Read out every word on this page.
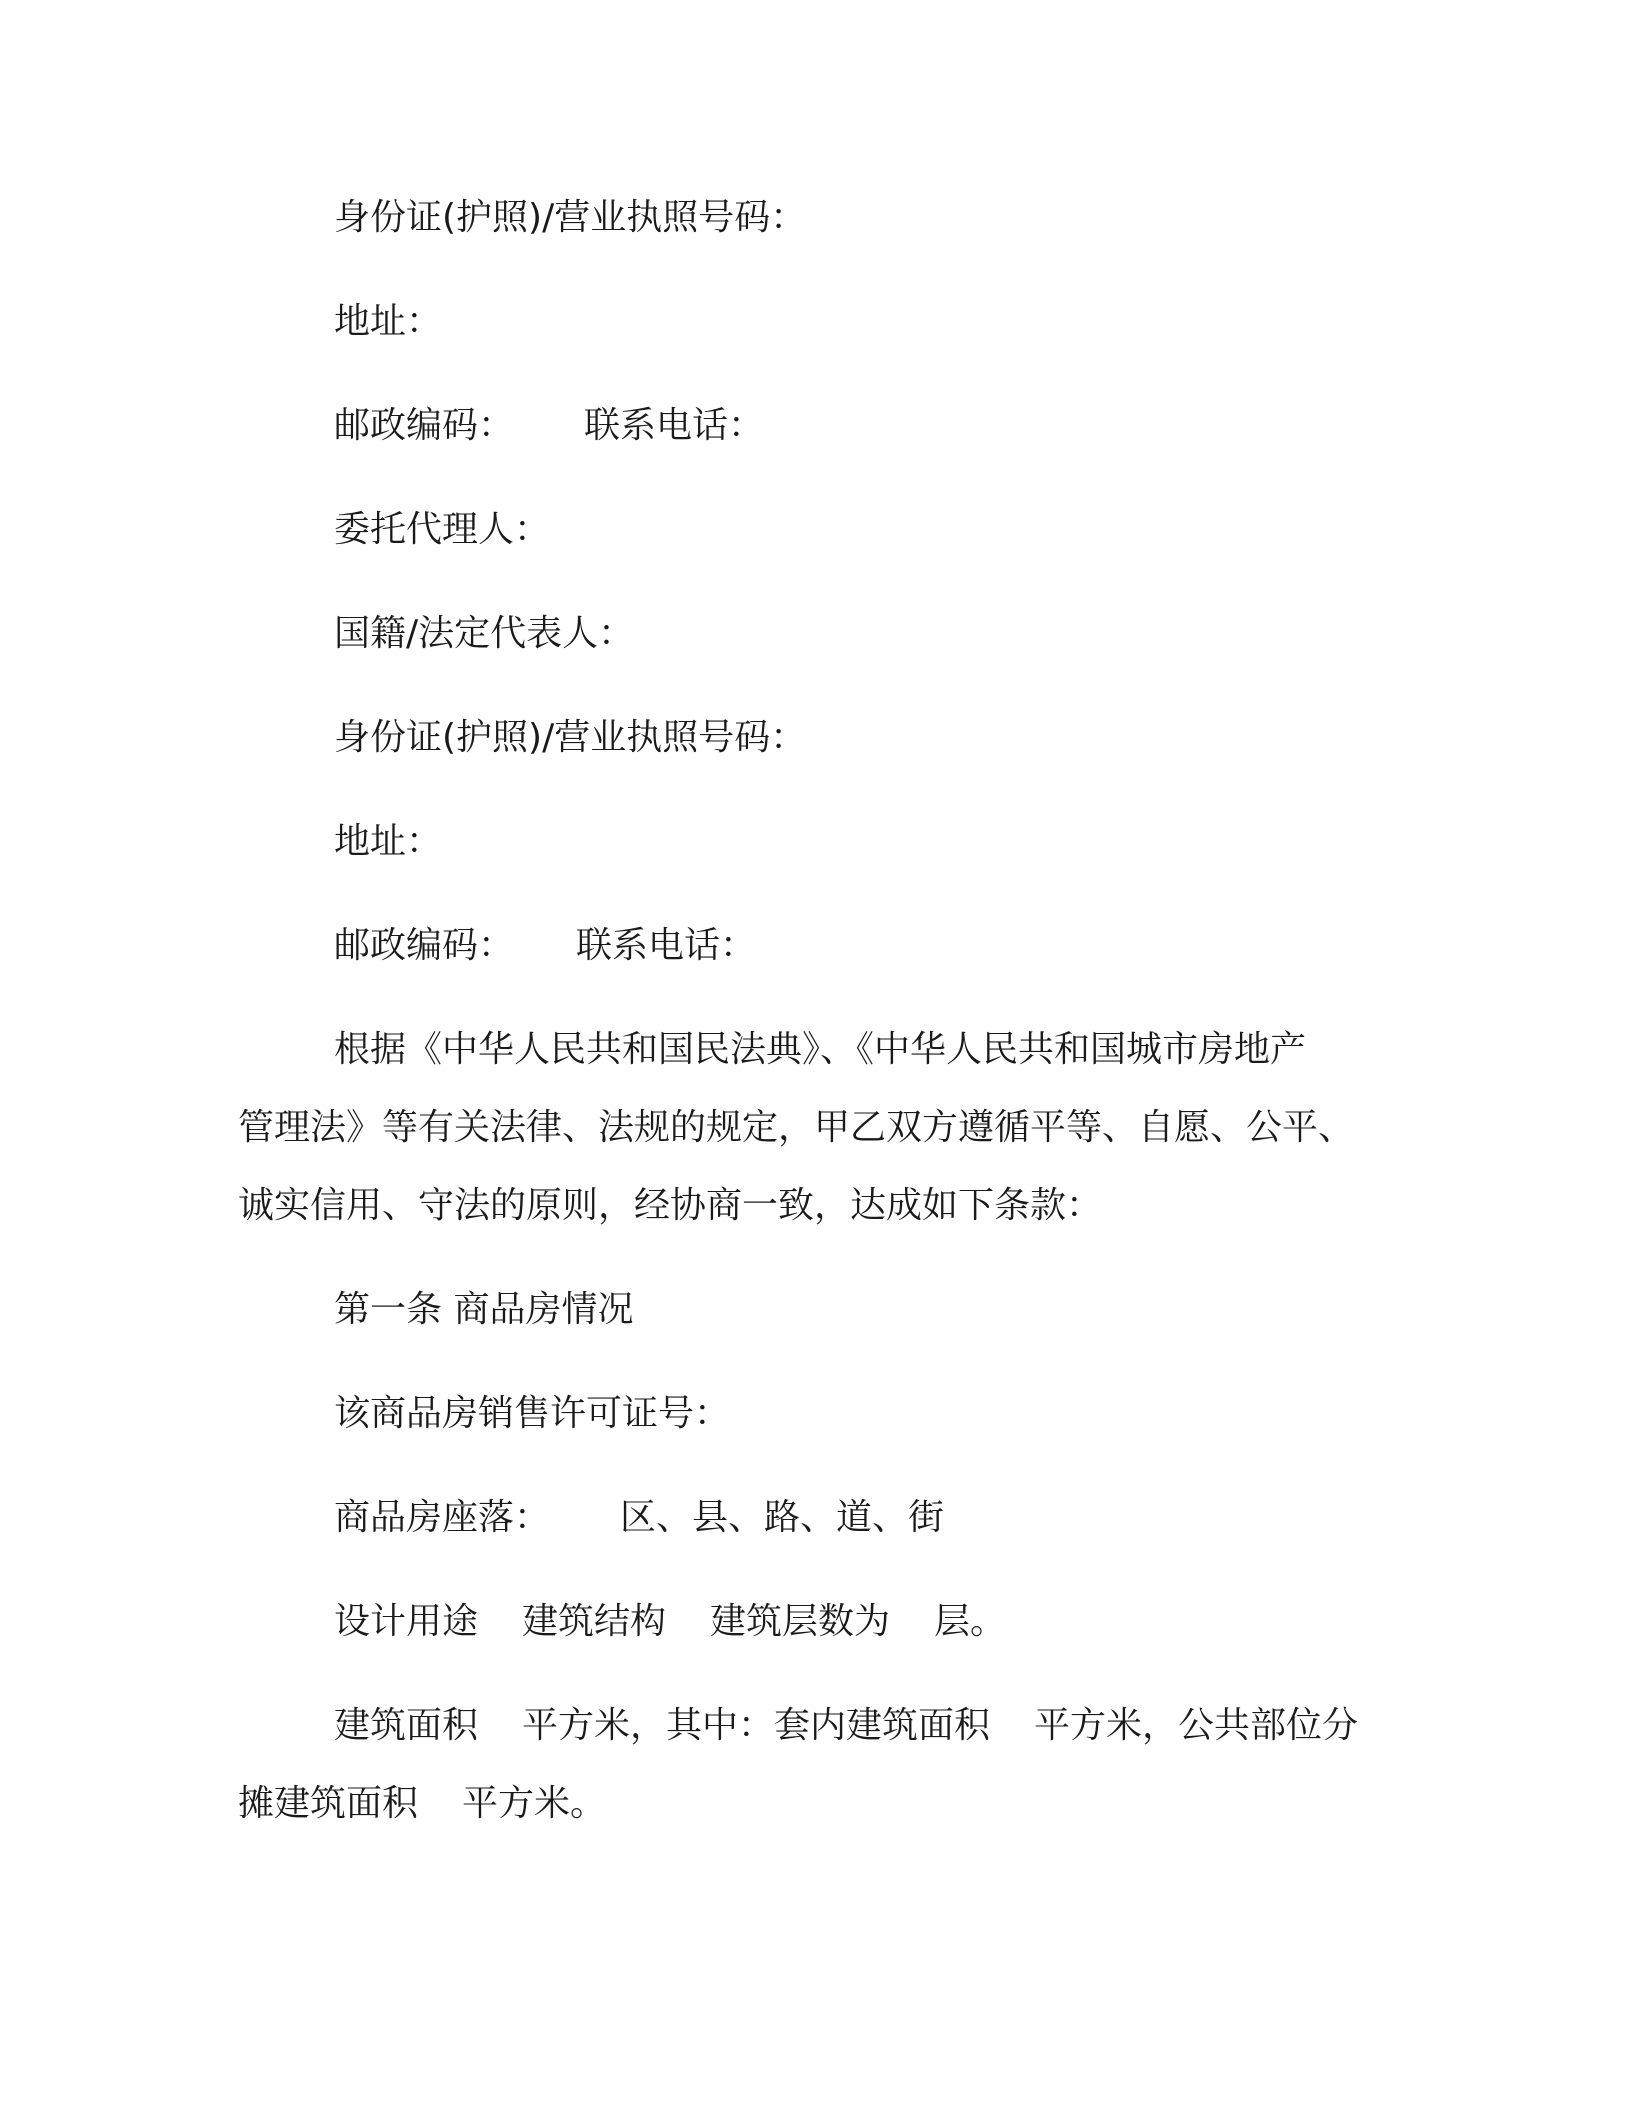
身份证(护照)/营业执照号码：
地址：
邮政编码： 联系电话：
委托代理人：
国籍/法定代表人：
身份证(护照)/营业执照号码：
地址：
邮政编码： 联系电话：
根据《中华人民共和国民法典》、《中华人民共和国城市房地产
管理法》等有关法律、法规的规定，甲乙双方遵循平等、自愿、公平、
诚实信用、守法的原则，经协商一致，达成如下条款：
第一条 商品房情况
该商品房销售许可证号：
商品房座落： 区、县、路、道、街
设计用途 建筑结构 建筑层数为 层。
建筑面积 平方米，其中：套内建筑面积 平方米，公共部位分
摊建筑面积 平方米。
